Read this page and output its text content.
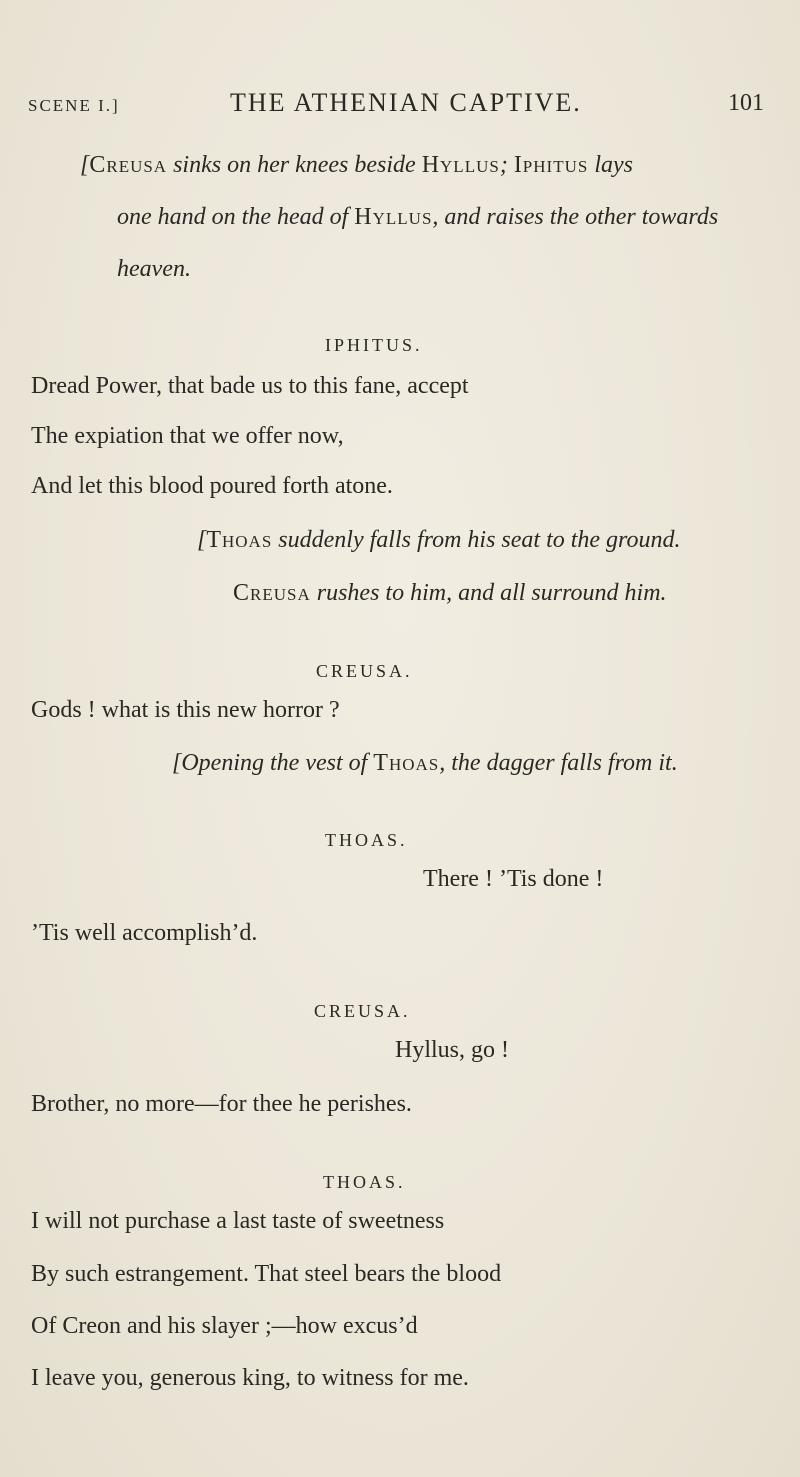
SCENE I.]	THE ATHENIAN CAPTIVE.	101
[Creusa sinks on her knees beside Hyllus; Iphitus lays
one hand on the head of Hyllus, and raises the other towards
heaven.
IPHITUS.
Dread Power, that bade us to this fane, accept
The expiation that we offer now,
And let this blood poured forth atone.
[Thoas suddenly falls from his seat to the ground.
Creusa rushes to him, and all surround him.
CREUSA.
Gods ! what is this new horror ?
[Opening the vest of Thoas, the dagger falls from it.
THOAS.
There ! ’Tis done !
’Tis well accomplish’d.
CREUSA.
Hyllus, go !
Brother, no more—for thee he perishes.
THOAS.
I will not purchase a last taste of sweetness
By such estrangement. That steel bears the blood
Of Creon and his slayer ;—how excus’d
I leave you, generous king, to witness for me.
